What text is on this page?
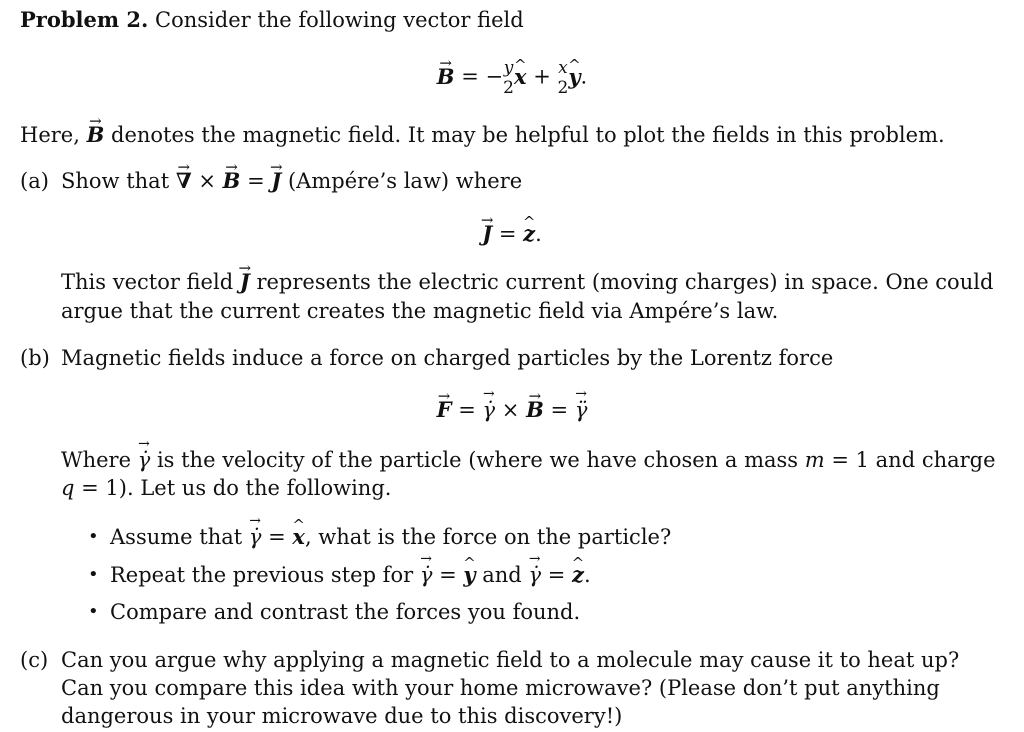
Problem 2. Consider the following vector field
B → = − y
2 x ^ + x
2 y ^.
Here, B → denotes the magnetic field. It may be helpful to plot the fields in this problem.
(a) Show that ∇ → × B → = J → (Ampére’s law) where
J → = z ^.
This vector field J → represents the electric current (moving charges) in space. One could
argue that the current creates the magnetic field via Ampére’s law.
(b) Magnetic fields induce a force on charged particles by the Lorentz force
F → = → γ̇ × B → = → γ̈
Where → γ̇ is the velocity of the particle (where we have chosen a mass m = 1 and charge
q = 1). Let us do the following.
• Assume that → γ̇ = x ^, what is the force on the particle?
• Repeat the previous step for → γ̇ = y ^ and → γ̇ = z ^.
• Compare and contrast the forces you found.
(c) Can you argue why applying a magnetic field to a molecule may cause it to heat up?
Can you compare this idea with your home microwave? (Please don’t put anything
dangerous in your microwave due to this discovery!)
